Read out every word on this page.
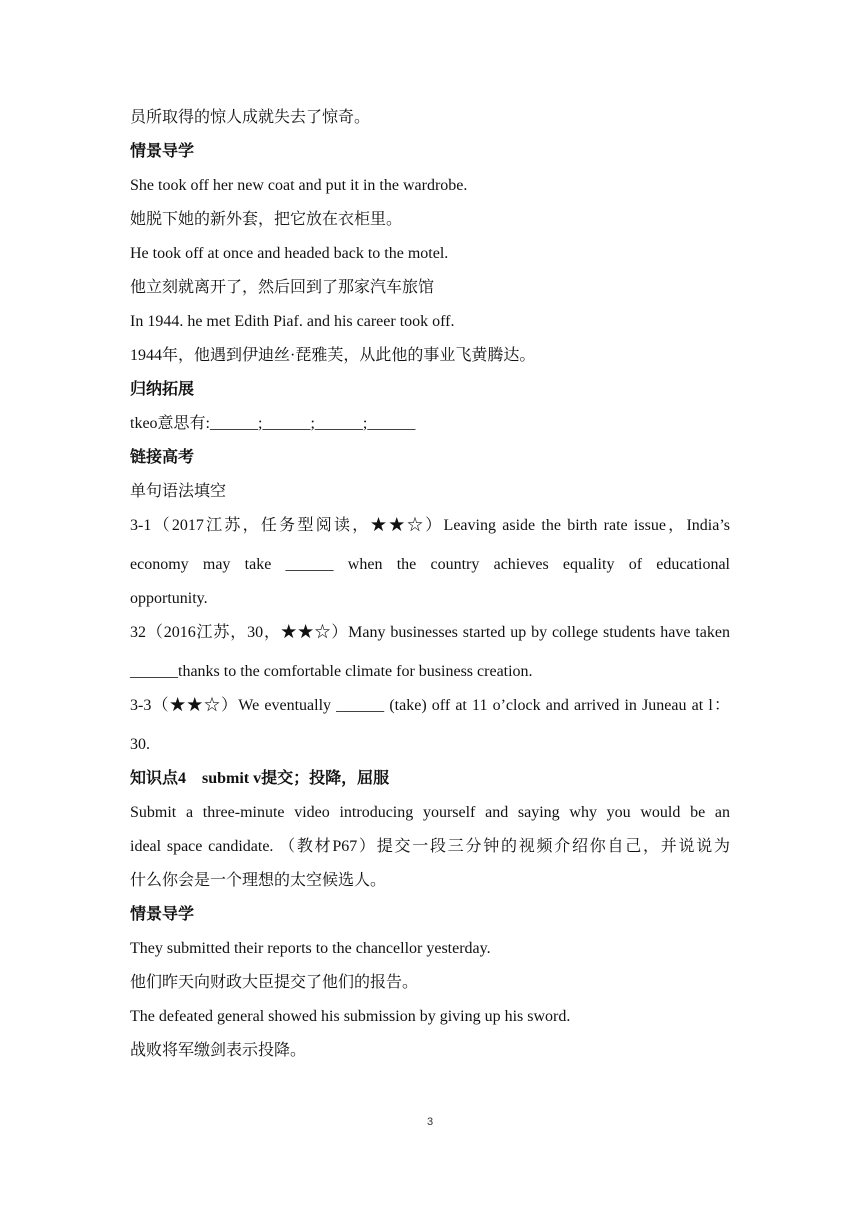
员所取得的惊人成就失去了惊奇。
情景导学
She took off her new coat and put it in the wardrobe.
她脱下她的新外套，把它放在衣柜里。
He took off at once and headed back to the motel.
他立刻就离开了，然后回到了那家汽车旅馆
In 1944. he met Edith Piaf. and his career took off.
1944年，他遇到伊迪丝·琵雅芙，从此他的事业飞黄腾达。
归纳拓展
tkeo意思有:______;______;______;______
链接高考
单句语法填空
3-1（2017江苏，任务型阅读，★★☆）Leaving aside the birth rate issue，India’s
economy may take ______ when the country achieves equality of educational
opportunity.
32（2016江苏，30，★★☆）Many businesses started up by college students have taken
______thanks to the comfortable climate for business creation.
3-3（★★☆）We eventually ______ (take) off at 11 o’clock and arrived in Juneau at l：
30.
知识点4    submit v提交；投降，屈服
Submit a three-minute video introducing yourself and saying why you would be an
ideal space candidate. （教材P67）提交一段三分钟的视频介绍你自己，并说说为
什么你会是一个理想的太空候选人。
情景导学
They submitted their reports to the chancellor yesterday.
他们昨天向财政大臣提交了他们的报告。
The defeated general showed his submission by giving up his sword.
战败将军缴剑表示投降。
3
